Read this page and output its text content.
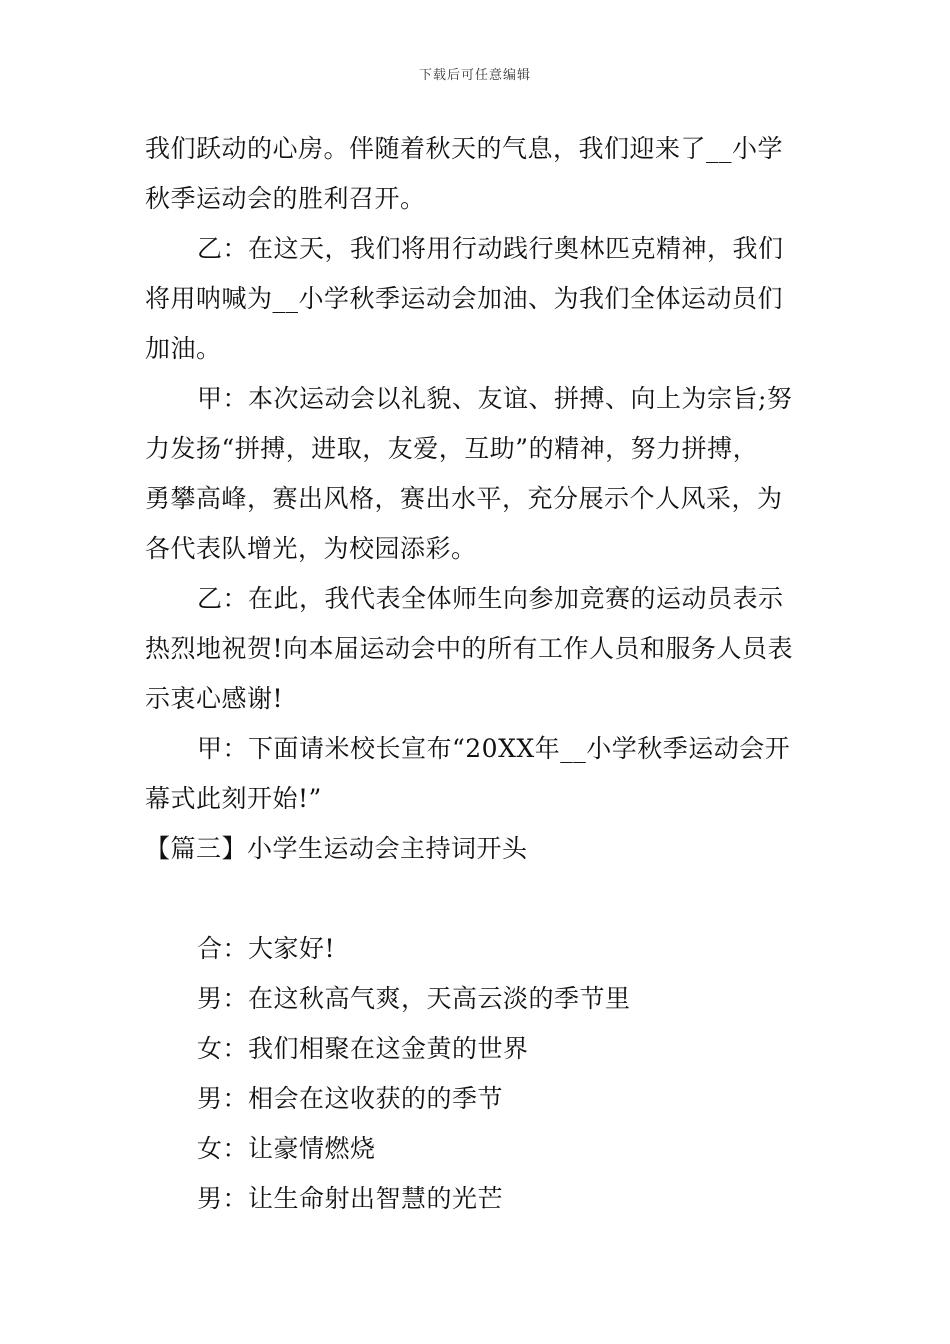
下载后可任意编辑
我们跃动的心房。伴随着秋天的气息，我们迎来了__小学
秋季运动会的胜利召开。
乙：在这天，我们将用行动践行奥林匹克精神，我们
将用呐喊为__小学秋季运动会加油、为我们全体运动员们
加油。
甲：本次运动会以礼貌、友谊、拼搏、向上为宗旨;努
力发扬“拼搏，进取，友爱，互助”的精神，努力拼搏，
勇攀高峰，赛出风格，赛出水平，充分展示个人风采，为
各代表队增光，为校园添彩。
乙：在此，我代表全体师生向参加竞赛的运动员表示
热烈地祝贺!向本届运动会中的所有工作人员和服务人员表
示衷心感谢!
甲：下面请米校长宣布“20XX年__小学秋季运动会开
幕式此刻开始!”
【篇三】小学生运动会主持词开头
合：大家好!
男：在这秋高气爽，天高云淡的季节里
女：我们相聚在这金黄的世界
男：相会在这收获的的季节
女：让豪情燃烧
男：让生命射出智慧的光芒
